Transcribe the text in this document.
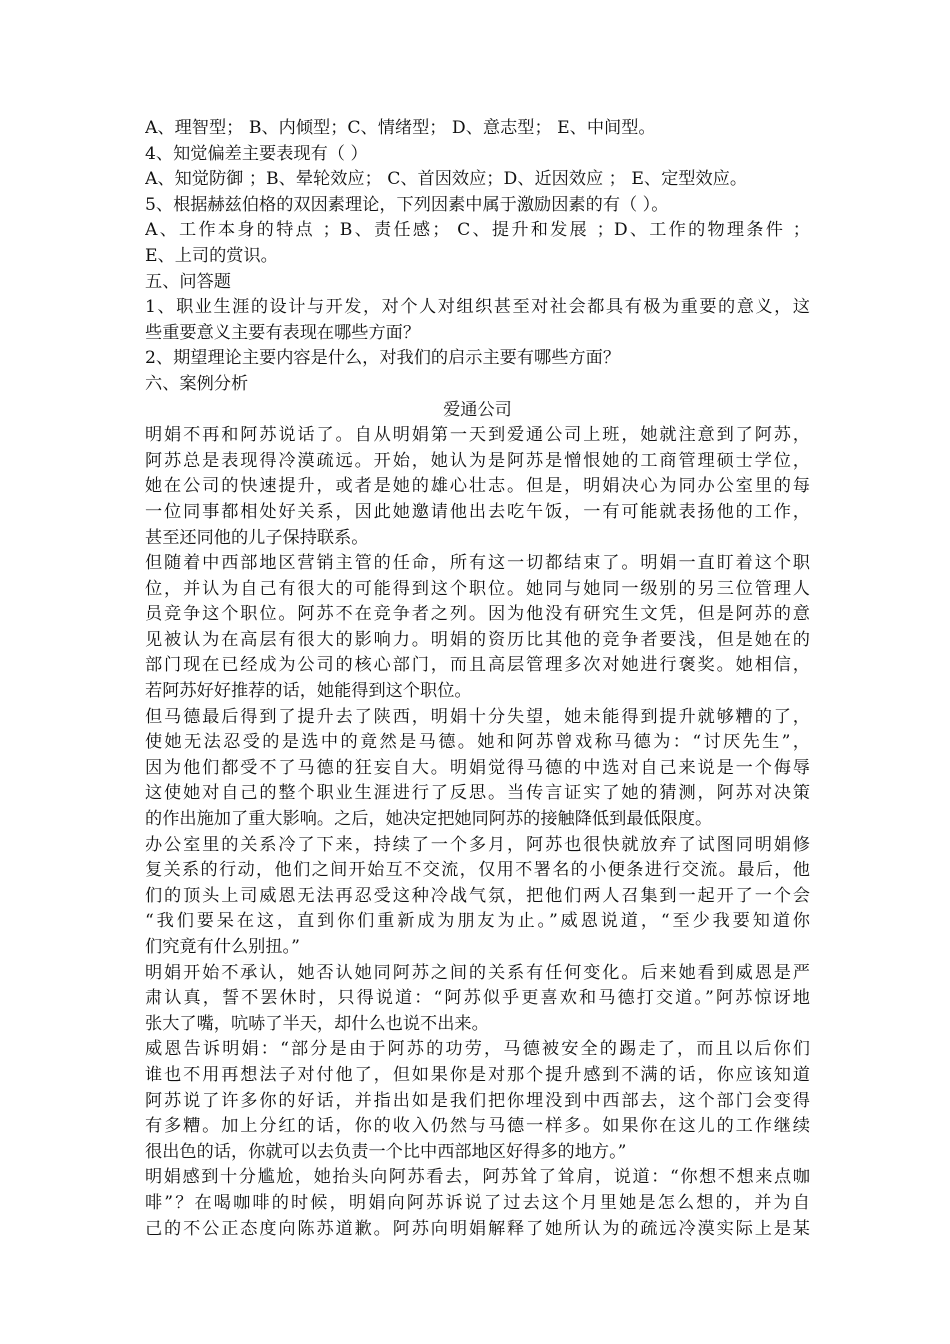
A、理智型； B、内倾型；C、情绪型； D、意志型； E、中间型。
4、知觉偏差主要表现有（ ）
A、知觉防御 ；B、晕轮效应； C、首因效应；D、近因效应 ； E、定型效应。
5、根据赫兹伯格的双因素理论，下列因素中属于激励因素的有（ ）。
A、工作本身的特点 ；B、责任感； C、提升和发展 ；D、工作的物理条件 ；
E、上司的赏识。
五、问答题
1、职业生涯的设计与开发，对个人对组织甚至对社会都具有极为重要的意义，这
些重要意义主要有表现在哪些方面？
2、期望理论主要内容是什么，对我们的启示主要有哪些方面？
六、案例分析
爱通公司
明娟不再和阿苏说话了。自从明娟第一天到爱通公司上班，她就注意到了阿苏，
阿苏总是表现得冷漠疏远。开始，她认为是阿苏是憎恨她的工商管理硕士学位，
她在公司的快速提升，或者是她的雄心壮志。但是，明娟决心为同办公室里的每
一位同事都相处好关系，因此她邀请他出去吃午饭，一有可能就表扬他的工作，
甚至还同他的儿子保持联系。
但随着中西部地区营销主管的任命，所有这一切都结束了。明娟一直盯着这个职
位，并认为自己有很大的可能得到这个职位。她同与她同一级别的另三位管理人
员竞争这个职位。阿苏不在竞争者之列。因为他没有研究生文凭，但是阿苏的意
见被认为在高层有很大的影响力。明娟的资历比其他的竞争者要浅，但是她在的
部门现在已经成为公司的核心部门，而且高层管理多次对她进行褒奖。她相信，
若阿苏好好推荐的话，她能得到这个职位。
但马德最后得到了提升去了陕西，明娟十分失望，她未能得到提升就够糟的了，
使她无法忍受的是选中的竟然是马德。她和阿苏曾戏称马德为：“讨厌先生”，
因为他们都受不了马德的狂妄自大。明娟觉得马德的中选对自己来说是一个侮辱
这使她对自己的整个职业生涯进行了反思。当传言证实了她的猜测，阿苏对决策
的作出施加了重大影响。之后，她决定把她同阿苏的接触降低到最低限度。
办公室里的关系冷了下来，持续了一个多月，阿苏也很快就放弃了试图同明娟修
复关系的行动，他们之间开始互不交流，仅用不署名的小便条进行交流。最后，他
们的顶头上司威恩无法再忍受这种冷战气氛，把他们两人召集到一起开了一个会
“我们要呆在这，直到你们重新成为朋友为止。”威恩说道，“至少我要知道你
们究竟有什么别扭。”
明娟开始不承认，她否认她同阿苏之间的关系有任何变化。后来她看到威恩是严
肃认真，誓不罢休时，只得说道：“阿苏似乎更喜欢和马德打交道。”阿苏惊讶地
张大了嘴，吭哧了半天，却什么也说不出来。
威恩告诉明娟：“部分是由于阿苏的功劳，马德被安全的踢走了，而且以后你们
谁也不用再想法子对付他了，但如果你是对那个提升感到不满的话，你应该知道
阿苏说了许多你的好话，并指出如是我们把你埋没到中西部去，这个部门会变得
有多糟。加上分红的话，你的收入仍然与马德一样多。如果你在这儿的工作继续
很出色的话，你就可以去负责一个比中西部地区好得多的地方。”
明娟感到十分尴尬，她抬头向阿苏看去，阿苏耸了耸肩，说道：“你想不想来点咖
啡”？在喝咖啡的时候，明娟向阿苏诉说了过去这个月里她是怎么想的，并为自
己的不公正态度向陈苏道歉。阿苏向明娟解释了她所认为的疏远冷漠实际上是某
